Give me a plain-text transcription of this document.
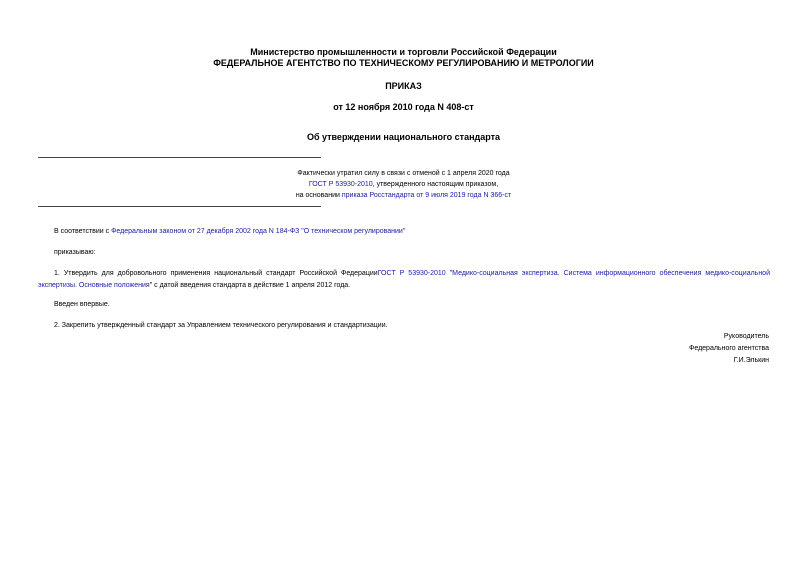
Министерство промышленности и торговли Российской Федерации
ФЕДЕРАЛЬНОЕ АГЕНТСТВО ПО ТЕХНИЧЕСКОМУ РЕГУЛИРОВАНИЮ И МЕТРОЛОГИИ
ПРИКАЗ
от 12 ноября 2010 года N 408-ст
Об утверждении национального стандарта
Фактически утратил силу в связи с отменой с 1 апреля 2020 года
ГОСТ Р 53930-2010, утвержденного настоящим приказом,
на основании приказа Росстандарта от 9 июля 2019 года N 366-ст
В соответствии с Федеральным законом от 27 декабря 2002 года N 184-ФЗ "О техническом регулировании"
приказываю:
1. Утвердить для добровольного применения национальный стандарт Российской ФедерацииГОСТ Р 53930-2010 "Медико-социальная экспертиза. Система информационного обеспечения медико-социальной экспертизы. Основные положения" с датой введения стандарта в действие 1 апреля 2012 года.
Введен впервые.
2. Закрепить утвержденный стандарт за Управлением технического регулирования и стандартизации.
Руководитель
Федерального агентства
Г.И.Элькин
